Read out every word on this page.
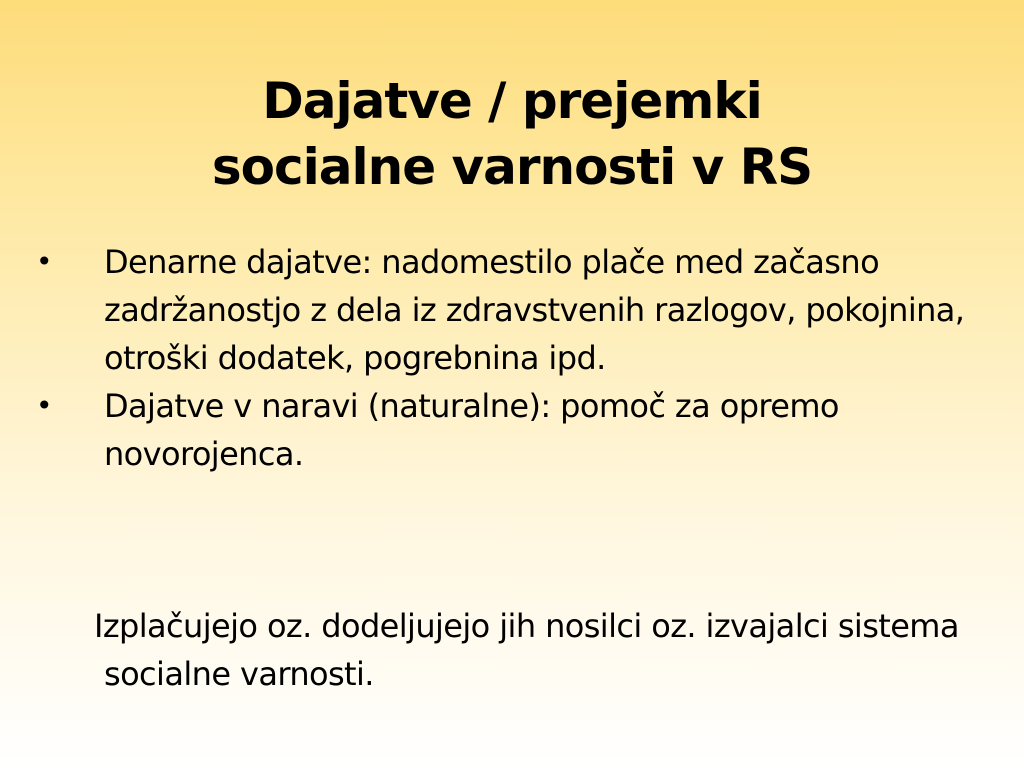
Dajatve / prejemki
socialne varnosti v RS
• Denarne dajatve: nadomestilo plače med začasno zadržanostjo z dela iz zdravstvenih razlogov, pokojnina, otroški dodatek, pogrebnina ipd.
• Dajatve v naravi (naturalne): pomoč za opremo novorojenca.
Izplačujejo oz. dodeljujejo jih nosilci oz. izvajalci sistema socialne varnosti.
